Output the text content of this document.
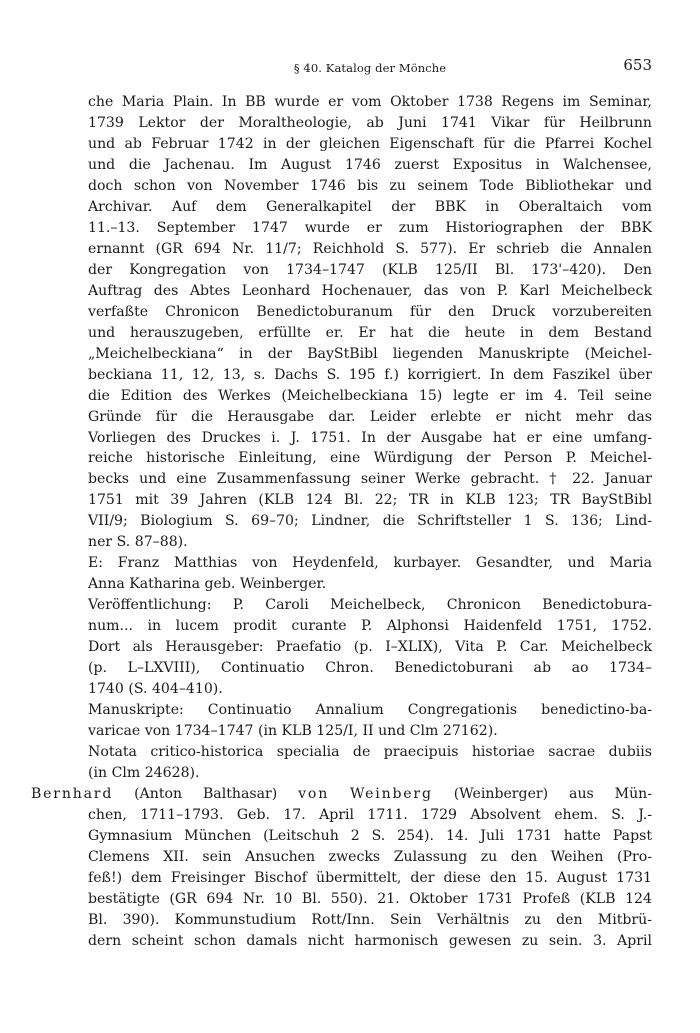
§ 40. Katalog der Mönche	653
che Maria Plain. In BB wurde er vom Oktober 1738 Regens im Seminar,
1739 Lektor der Moraltheologie, ab Juni 1741 Vikar für Heilbrunn
und ab Februar 1742 in der gleichen Eigenschaft für die Pfarrei Kochel
und die Jachenau. Im August 1746 zuerst Expositus in Walchensee,
doch schon von November 1746 bis zu seinem Tode Bibliothekar und
Archivar. Auf dem Generalkapitel der BBK in Oberaltaich vom
11.–13. September 1747 wurde er zum Historiographen der BBK
ernannt (GR 694 Nr. 11/7; Reichhold S. 577). Er schrieb die Annalen
der Kongregation von 1734–1747 (KLB 125/II Bl. 173'–420). Den
Auftrag des Abtes Leonhard Hochenauer, das von P. Karl Meichelbeck
verfaßte Chronicon Benedictoburanum für den Druck vorzubereiten
und herauszugeben, erfüllte er. Er hat die heute in dem Bestand
„Meichelbeckiana“ in der BayStBibl liegenden Manuskripte (Meichel-
beckiana 11, 12, 13, s. Dachs S. 195 f.) korrigiert. In dem Faszikel über
die Edition des Werkes (Meichelbeckiana 15) legte er im 4. Teil seine
Gründe für die Herausgabe dar. Leider erlebte er nicht mehr das
Vorliegen des Druckes i. J. 1751. In der Ausgabe hat er eine umfang-
reiche historische Einleitung, eine Würdigung der Person P. Meichel-
becks und eine Zusammenfassung seiner Werke gebracht. † 22. Januar
1751 mit 39 Jahren (KLB 124 Bl. 22; TR in KLB 123; TR BayStBibl
VII/9; Biologium S. 69–70; Lindner, die Schriftsteller 1 S. 136; Lind-
ner S. 87–88).
E: Franz Matthias von Heydenfeld, kurbayer. Gesandter, und Maria
Anna Katharina geb. Weinberger.
Veröffentlichung: P. Caroli Meichelbeck, Chronicon Benedictobura-
num... in lucem prodit curante P. Alphonsi Haidenfeld 1751, 1752.
Dort als Herausgeber: Praefatio (p. I–XLIX), Vita P. Car. Meichelbeck
(p. L–LXVIII), Continuatio Chron. Benedictoburani ab ao 1734–
1740 (S. 404–410).
Manuskripte: Continuatio Annalium Congregationis benedictino-ba-
varicae von 1734–1747 (in KLB 125/I, II und Clm 27162).
Notata critico-historica specialia de praecipuis historiae sacrae dubiis
(in Clm 24628).
Bernhard (Anton Balthasar) von Weinberg (Weinberger) aus Mün-
chen, 1711–1793. Geb. 17. April 1711. 1729 Absolvent ehem. S. J.-
Gymnasium München (Leitschuh 2 S. 254). 14. Juli 1731 hatte Papst
Clemens XII. sein Ansuchen zwecks Zulassung zu den Weihen (Pro-
feß!) dem Freisinger Bischof übermittelt, der diese den 15. August 1731
bestätigte (GR 694 Nr. 10 Bl. 550). 21. Oktober 1731 Profeß (KLB 124
Bl. 390). Kommunstudium Rott/Inn. Sein Verhältnis zu den Mitbrü-
dern scheint schon damals nicht harmonisch gewesen zu sein. 3. April
